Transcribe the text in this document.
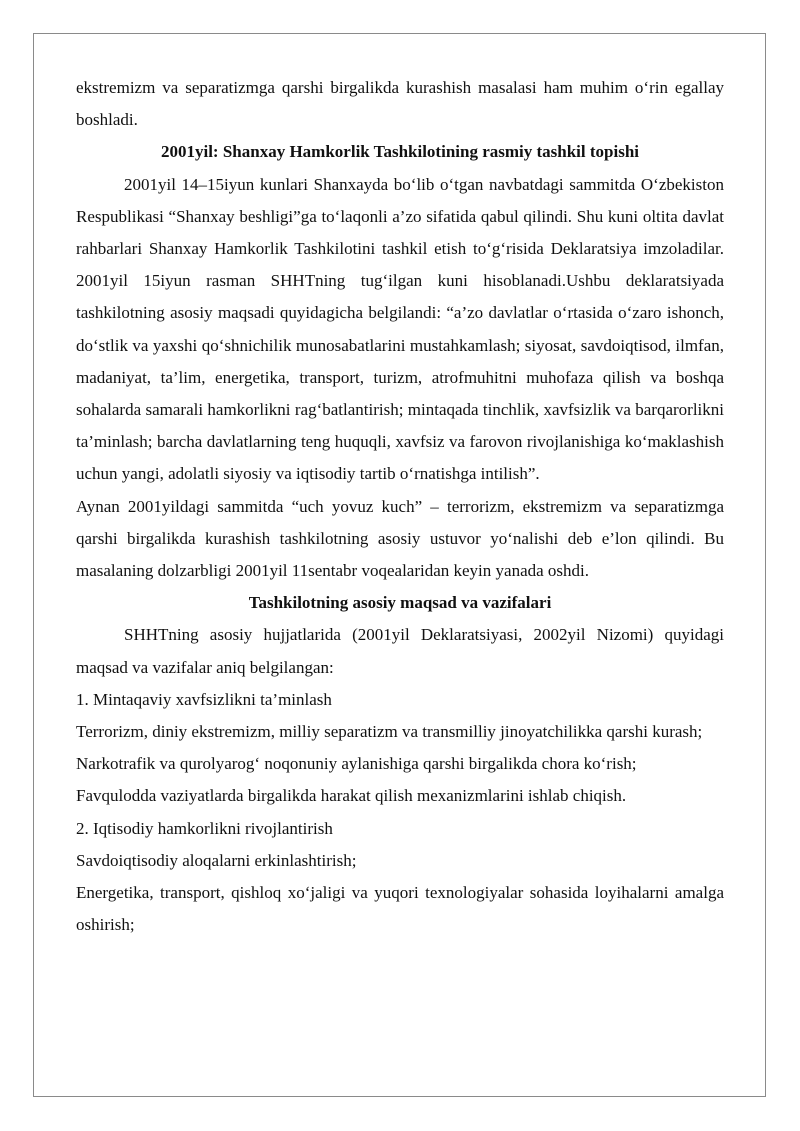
ekstremizm va separatizmga qarshi birgalikda kurashish masalasi ham muhim o‘rin egallay boshladi.

2001yil: Shanxay Hamkorlik Tashkilotining rasmiy tashkil topishi

2001yil 14–15iyun kunlari Shanxayda bo‘lib o‘tgan navbatdagi sammitda O‘zbekiston Respublikasi “Shanxay beshligi”ga to‘laqonli a’zo sifatida qabul qilindi. Shu kuni oltita davlat rahbarlari Shanxay Hamkorlik Tashkilotini tashkil etish to‘g‘risida Deklaratsiya imzoladilar. 2001yil 15iyun rasman SHHTning tug‘ilgan kuni hisoblanadi.Ushbu deklaratsiyada tashkilotning asosiy maqsadi quyidagicha belgilandi: “a’zo davlatlar o‘rtasida o‘zaro ishonch, do‘stlik va yaxshi qo‘shnichilik munosabatlarini mustahkamlash; siyosat, savdoiqtisod, ilmfan, madaniyat, ta’lim, energetika, transport, turizm, atrofmuhitni muhofaza qilish va boshqa sohalarda samarali hamkorlikni rag‘batlantirish; mintaqada tinchlik, xavfsizlik va barqarorlikni ta’minlash; barcha davlatlarning teng huquqli, xavfsiz va farovon rivojlanishiga ko‘maklashish uchun yangi, adolatli siyosiy va iqtisodiy tartib o‘rnatishga intilish”.

Aynan 2001yildagi sammitda “uch yovuz kuch” – terrorizm, ekstremizm va separatizmga qarshi birgalikda kurashish tashkilotning asosiy ustuvor yo‘nalishi deb e’lon qilindi. Bu masalaning dolzarbligi 2001yil 11sentabr voqealaridan keyin yanada oshdi.

Tashkilotning asosiy maqsad va vazifalari

SHHTning asosiy hujjatlarida (2001yil Deklaratsiyasi, 2002yil Nizomi) quyidagi maqsad va vazifalar aniq belgilangan:

1. Mintaqaviy xavfsizlikni ta’minlash

Terrorizm, diniy ekstremizm, milliy separatizm va transmilliy jinoyatchilikka qarshi kurash;

Narkotrafik va qurolyarog‘ noqonuniy aylanishiga qarshi birgalikda chora ko‘rish;

Favqulodda vaziyatlarda birgalikda harakat qilish mexanizmlarini ishlab chiqish.

2. Iqtisodiy hamkorlikni rivojlantirish

Savdoiqtisodiy aloqalarni erkinlashtirish;

Energetika, transport, qishloq xo‘jaligi va yuqori texnologiyalar sohasida loyihalarni amalga oshirish;
